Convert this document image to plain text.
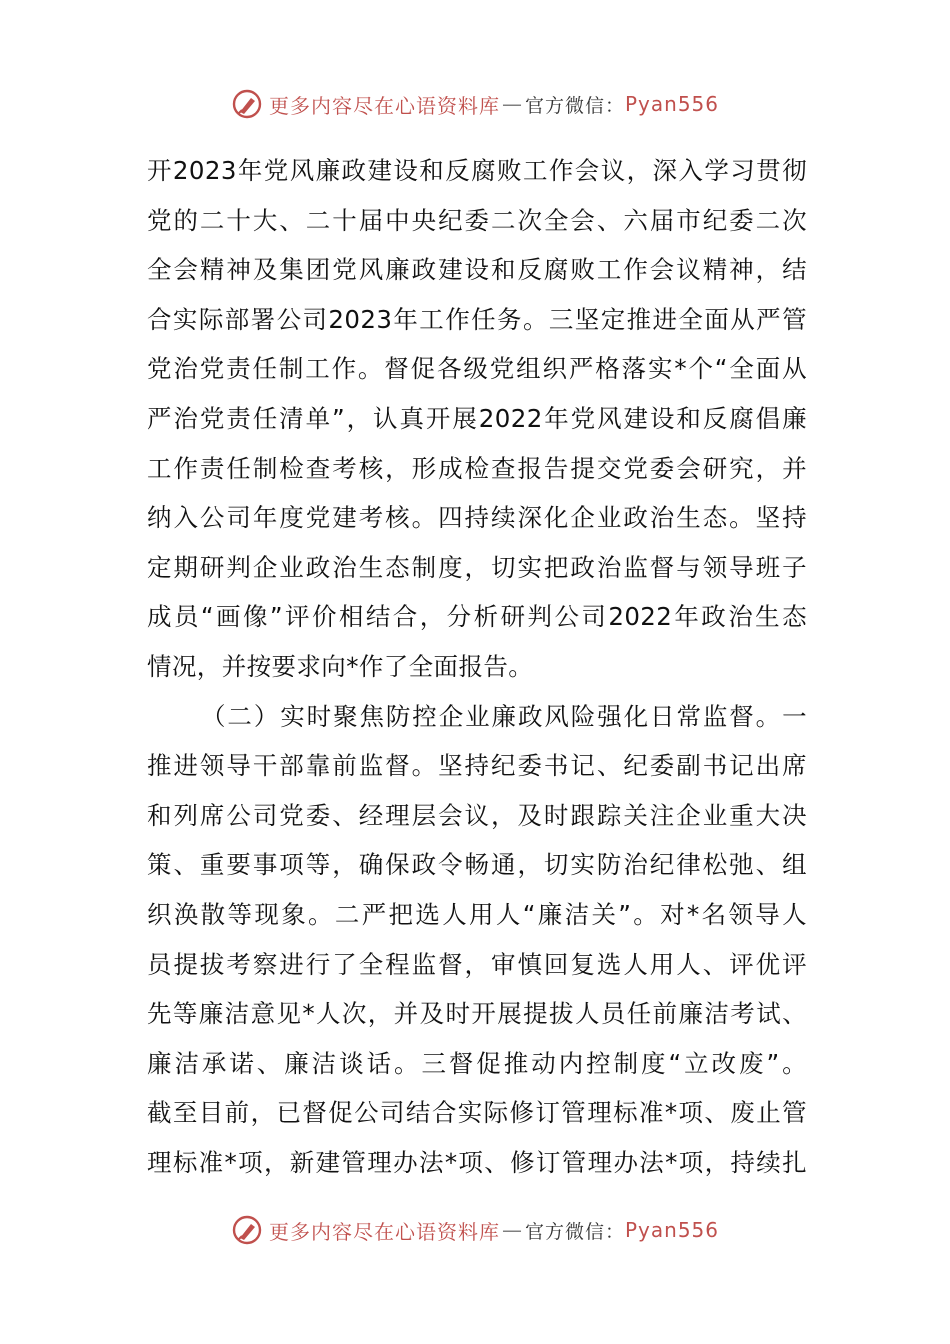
更多内容尽在心语资料库 — 官方微信： Pyan556
开2023年党风廉政建设和反腐败工作会议，深入学习贯彻
党的二十大、二十届中央纪委二次全会、六届市纪委二次
全会精神及集团党风廉政建设和反腐败工作会议精神，结
合实际部署公司2023年工作任务。三坚定推进全面从严管
党治党责任制工作。督促各级党组织严格落实*个“全面从
严治党责任清单”，认真开展2022年党风建设和反腐倡廉
工作责任制检查考核，形成检查报告提交党委会研究，并
纳入公司年度党建考核。四持续深化企业政治生态。坚持
定期研判企业政治生态制度，切实把政治监督与领导班子
成员“画像”评价相结合，分析研判公司2022年政治生态
情况，并按要求向*作了全面报告。
（二）实时聚焦防控企业廉政风险强化日常监督。一
推进领导干部靠前监督。坚持纪委书记、纪委副书记出席
和列席公司党委、经理层会议，及时跟踪关注企业重大决
策、重要事项等，确保政令畅通，切实防治纪律松弛、组
织涣散等现象。二严把选人用人“廉洁关”。对*名领导人
员提拔考察进行了全程监督，审慎回复选人用人、评优评
先等廉洁意见*人次，并及时开展提拔人员任前廉洁考试、
廉洁承诺、廉洁谈话。三督促推动内控制度“立改废”。
截至目前，已督促公司结合实际修订管理标准*项、废止管
理标准*项，新建管理办法*项、修订管理办法*项，持续扎
更多内容尽在心语资料库 — 官方微信： Pyan556
